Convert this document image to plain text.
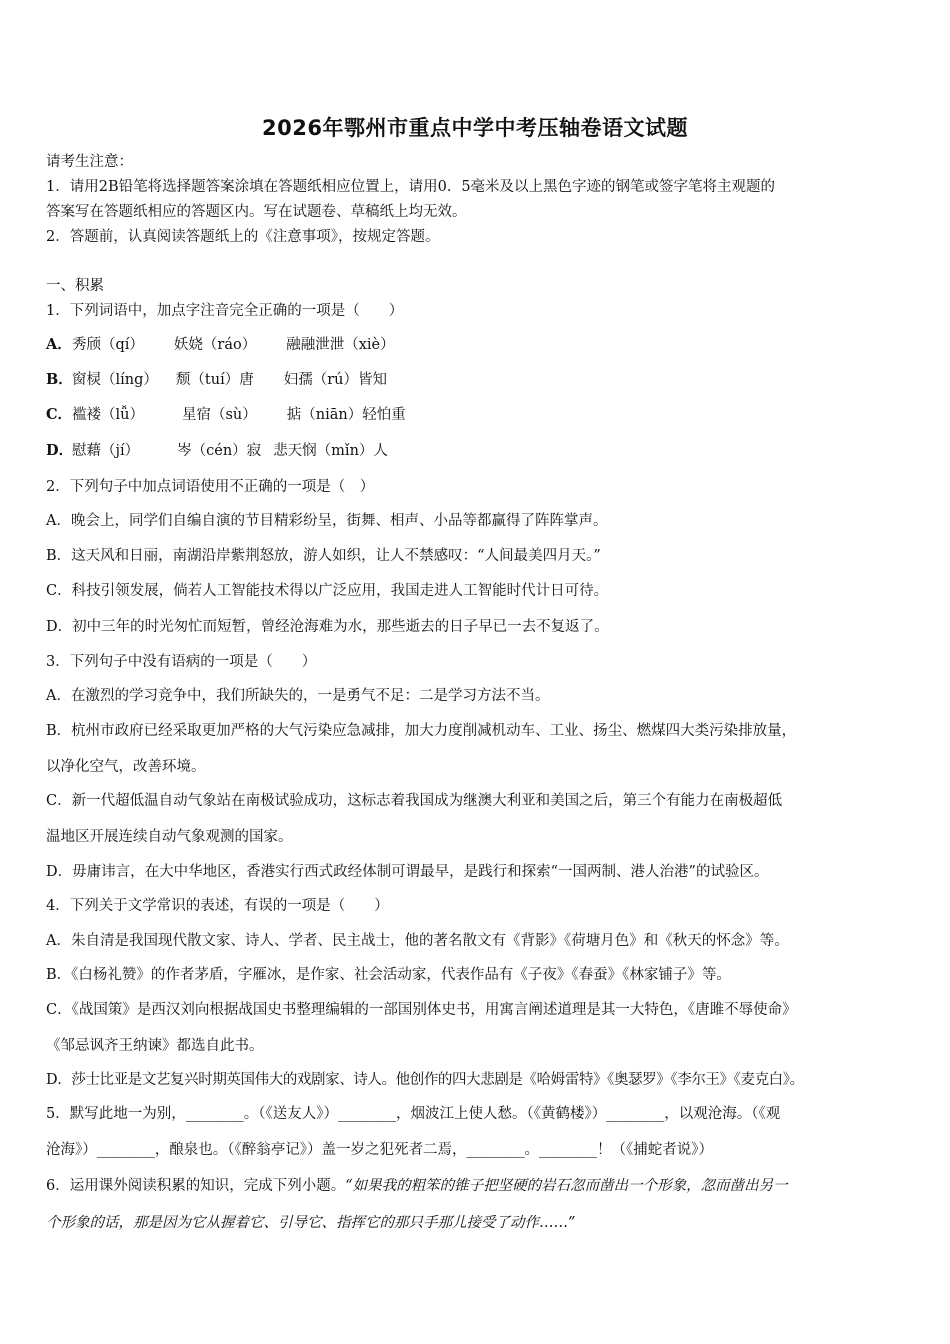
2026年鄂州市重点中学中考压轴卷语文试题
请考生注意：
1．请用2B铅笔将选择题答案涂填在答题纸相应位置上，请用0．5毫米及以上黑色字迹的钢笔或签字笔将主观题的
答案写在答题纸相应的答题区内。写在试题卷、草稿纸上均无效。
2．答题前，认真阅读答题纸上的《注意事项》，按规定答题。
一、积累
1．下列词语中，加点字注音完全正确的一项是（　　）
A．秀颀（qí） 妖娆（ráo） 融融泄泄（xiè）
B．窗棂（líng） 颓（tuí）唐 妇孺（rú）皆知
C．褴褛（lǚ）	星宿（sù） 掂（niān）轻怕重
D．慰藉（jí）	岑（cén）寂 悲天悯（mǐn）人
2．下列句子中加点词语使用不正确的一项是（　）
A．晚会上，同学们自编自演的节目精彩纷呈，街舞、相声、小品等都赢得了阵阵掌声。
B．这天风和日丽，南湖沿岸紫荆怒放，游人如织，让人不禁感叹：“人间最美四月天。”
C．科技引领发展，倘若人工智能技术得以广泛应用，我国走进人工智能时代计日可待。
D．初中三年的时光匆忙而短暂，曾经沧海难为水，那些逝去的日子早已一去不复返了。
3．下列句子中没有语病的一项是（　　）
A．在激烈的学习竞争中，我们所缺失的，一是勇气不足：二是学习方法不当。
B．杭州市政府已经采取更加严格的大气污染应急减排，加大力度削减机动车、工业、扬尘、燃煤四大类污染排放量，
以净化空气，改善环境。
C．新一代超低温自动气象站在南极试验成功，这标志着我国成为继澳大利亚和美国之后，第三个有能力在南极超低
温地区开展连续自动气象观测的国家。
D．毋庸讳言，在大中华地区，香港实行西式政经体制可谓最早，是践行和探索“一国两制、港人治港”的试验区。
4．下列关于文学常识的表述，有误的一项是（　　）
A．朱自清是我国现代散文家、诗人、学者、民主战士，他的著名散文有《背影》《荷塘月色》和《秋天的怀念》等。
B．《白杨礼赞》的作者茅盾，字雁冰，是作家、社会活动家，代表作品有《子夜》《春蚕》《林家铺子》等。
C．《战国策》是西汉刘向根据战国史书整理编辑的一部国别体史书，用寓言阐述道理是其一大特色，《唐雎不辱使命》
《邹忌讽齐王纳谏》都选自此书。
D．莎士比亚是文艺复兴时期英国伟大的戏剧家、诗人。他创作的四大悲剧是《哈姆雷特》《奥瑟罗》《李尔王》《麦克白》。
5．默写此地一为别，________。（《送友人》）________，烟波江上使人愁。（《黄鹤楼》）________，以观沧海。（《观
沧海》）________，酿泉也。（《醉翁亭记》）盖一岁之犯死者二焉，________。________！（《捕蛇者说》）
6．运用课外阅读积累的知识，完成下列小题。“如果我的粗笨的锥子把坚硬的岩石忽而凿出一个形象，忽而凿出另一
个形象的话，那是因为它从握着它、引导它、指挥它的那只手那儿接受了动作……”
